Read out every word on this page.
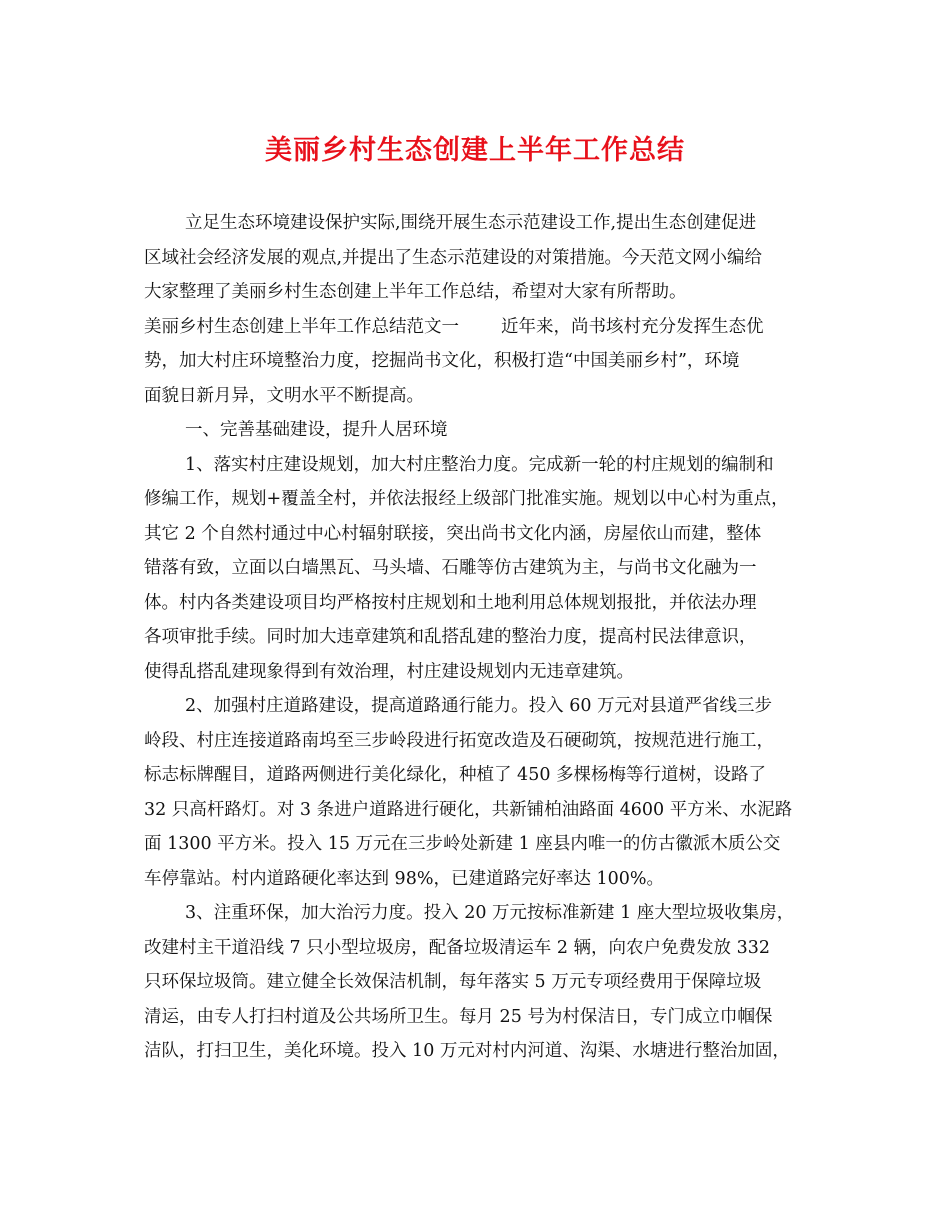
美丽乡村生态创建上半年工作总结
立足生态环境建设保护实际,围绕开展生态示范建设工作,提出生态创建促进
区域社会经济发展的观点,并提出了生态示范建设的对策措施。今天范文网小编给
大家整理了美丽乡村生态创建上半年工作总结，希望对大家有所帮助。
美丽乡村生态创建上半年工作总结范文一 近年来，尚书垓村充分发挥生态优
势，加大村庄环境整治力度，挖掘尚书文化，积极打造“中国美丽乡村”，环境
面貌日新月异，文明水平不断提高。
一、完善基础建设，提升人居环境
1、落实村庄建设规划，加大村庄整治力度。完成新一轮的村庄规划的编制和
修编工作，规划+覆盖全村，并依法报经上级部门批准实施。规划以中心村为重点，
其它 2 个自然村通过中心村辐射联接，突出尚书文化内涵，房屋依山而建，整体
错落有致，立面以白墙黑瓦、马头墙、石雕等仿古建筑为主，与尚书文化融为一
体。村内各类建设项目均严格按村庄规划和土地利用总体规划报批，并依法办理
各项审批手续。同时加大违章建筑和乱搭乱建的整治力度，提高村民法律意识，
使得乱搭乱建现象得到有效治理，村庄建设规划内无违章建筑。
2、加强村庄道路建设，提高道路通行能力。投入 60 万元对县道严省线三步
岭段、村庄连接道路南坞至三步岭段进行拓宽改造及石硬砌筑，按规范进行施工，
标志标牌醒目，道路两侧进行美化绿化，种植了 450 多棵杨梅等行道树，设路了
32 只高杆路灯。对 3 条进户道路进行硬化，共新铺柏油路面 4600 平方米、水泥路
面 1300 平方米。投入 15 万元在三步岭处新建 1 座县内唯一的仿古徽派木质公交
车停靠站。村内道路硬化率达到 98%，已建道路完好率达 100%。
3、注重环保，加大治污力度。投入 20 万元按标准新建 1 座大型垃圾收集房，
改建村主干道沿线 7 只小型垃圾房，配备垃圾清运车 2 辆，向农户免费发放 332
只环保垃圾筒。建立健全长效保洁机制，每年落实 5 万元专项经费用于保障垃圾
清运，由专人打扫村道及公共场所卫生。每月 25 号为村保洁日，专门成立巾帼保
洁队，打扫卫生，美化环境。投入 10 万元对村内河道、沟渠、水塘进行整治加固，
